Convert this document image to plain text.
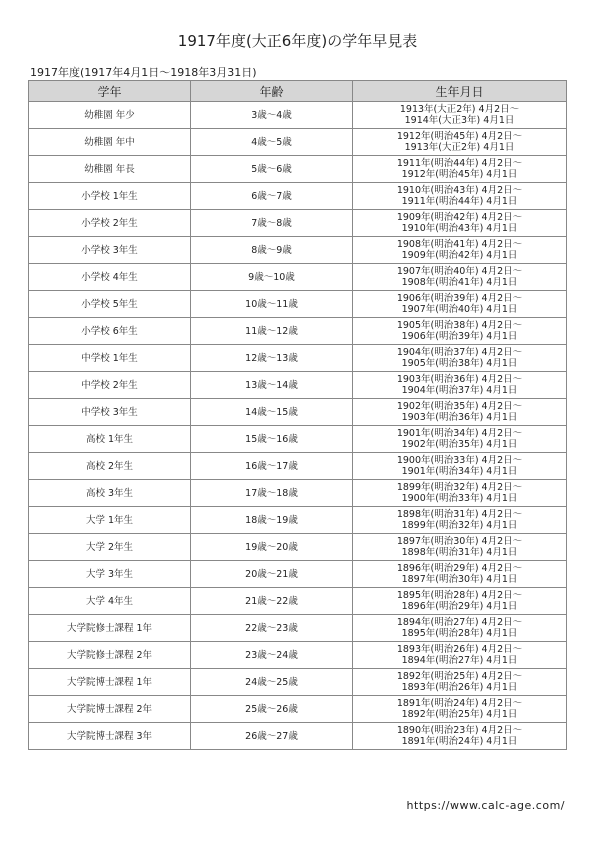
1917年度(大正6年度)の学年早見表
1917年度(1917年4月1日〜1918年3月31日)
学年	年齢	生年月日
幼稚園 年少	3歳〜4歳	1913年(大正2年) 4月2日〜
1914年(大正3年) 4月1日

幼稚園 年中	4歳〜5歳	1912年(明治45年) 4月2日〜
1913年(大正2年) 4月1日

幼稚園 年長	5歳〜6歳	1911年(明治44年) 4月2日〜
1912年(明治45年) 4月1日

小学校 1年生	6歳〜7歳	1910年(明治43年) 4月2日〜
1911年(明治44年) 4月1日

小学校 2年生	7歳〜8歳	1909年(明治42年) 4月2日〜
1910年(明治43年) 4月1日

小学校 3年生	8歳〜9歳	1908年(明治41年) 4月2日〜
1909年(明治42年) 4月1日

小学校 4年生	9歳〜10歳	1907年(明治40年) 4月2日〜
1908年(明治41年) 4月1日

小学校 5年生	10歳〜11歳	1906年(明治39年) 4月2日〜
1907年(明治40年) 4月1日

小学校 6年生	11歳〜12歳	1905年(明治38年) 4月2日〜
1906年(明治39年) 4月1日

中学校 1年生	12歳〜13歳	1904年(明治37年) 4月2日〜
1905年(明治38年) 4月1日

中学校 2年生	13歳〜14歳	1903年(明治36年) 4月2日〜
1904年(明治37年) 4月1日

中学校 3年生	14歳〜15歳	1902年(明治35年) 4月2日〜
1903年(明治36年) 4月1日

高校 1年生	15歳〜16歳	1901年(明治34年) 4月2日〜
1902年(明治35年) 4月1日

高校 2年生	16歳〜17歳	1900年(明治33年) 4月2日〜
1901年(明治34年) 4月1日

高校 3年生	17歳〜18歳	1899年(明治32年) 4月2日〜
1900年(明治33年) 4月1日

大学 1年生	18歳〜19歳	1898年(明治31年) 4月2日〜
1899年(明治32年) 4月1日

大学 2年生	19歳〜20歳	1897年(明治30年) 4月2日〜
1898年(明治31年) 4月1日

大学 3年生	20歳〜21歳	1896年(明治29年) 4月2日〜
1897年(明治30年) 4月1日

大学 4年生	21歳〜22歳	1895年(明治28年) 4月2日〜
1896年(明治29年) 4月1日

大学院修士課程 1年	22歳〜23歳	1894年(明治27年) 4月2日〜
1895年(明治28年) 4月1日

大学院修士課程 2年	23歳〜24歳	1893年(明治26年) 4月2日〜
1894年(明治27年) 4月1日

大学院博士課程 1年	24歳〜25歳	1892年(明治25年) 4月2日〜
1893年(明治26年) 4月1日

大学院博士課程 2年	25歳〜26歳	1891年(明治24年) 4月2日〜
1892年(明治25年) 4月1日

大学院博士課程 3年	26歳〜27歳	1890年(明治23年) 4月2日〜
1891年(明治24年) 4月1日
https://www.calc-age.com/
